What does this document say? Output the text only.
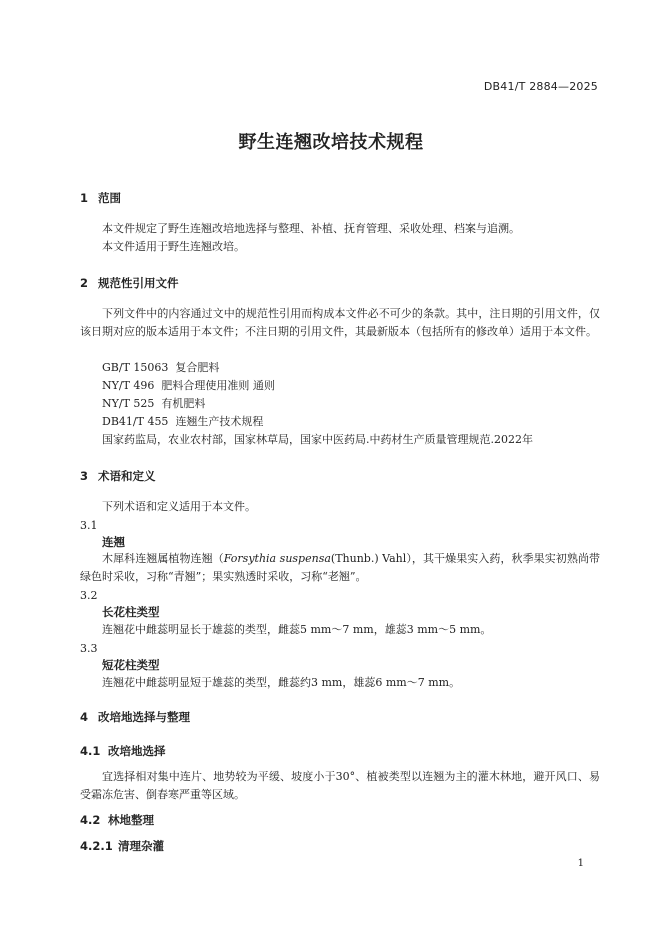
DB41/T 2884—2025
野生连翘改培技术规程
1 范围
本文件规定了野生连翘改培地选择与整理、补植、抚育管理、采收处理、档案与追溯。
本文件适用于野生连翘改培。
2 规范性引用文件
下列文件中的内容通过文中的规范性引用而构成本文件必不可少的条款。其中，注日期的引用文件，仅该日期对应的版本适用于本文件；不注日期的引用文件，其最新版本（包括所有的修改单）适用于本文件。
GB/T 15063 复合肥料
NY/T 496 肥料合理使用准则 通则
NY/T 525 有机肥料
DB41/T 455 连翘生产技术规程
国家药监局，农业农村部，国家林草局，国家中医药局.中药材生产质量管理规范.2022年
3 术语和定义
下列术语和定义适用于本文件。
3.1
连翘
木犀科连翘属植物连翘（Forsythia suspensa(Thunb.) Vahl），其干燥果实入药，秋季果实初熟尚带绿色时采收，习称“青翘”；果实熟透时采收，习称“老翘”。
3.2
长花柱类型
连翘花中雌蕊明显长于雄蕊的类型，雌蕊5 mm～7 mm，雄蕊3 mm～5 mm。
3.3
短花柱类型
连翘花中雌蕊明显短于雄蕊的类型，雌蕊约3 mm，雄蕊6 mm～7 mm。
4 改培地选择与整理
4.1 改培地选择
宜选择相对集中连片、地势较为平缓、坡度小于30°、植被类型以连翘为主的灌木林地，避开风口、易受霜冻危害、倒春寒严重等区域。
4.2 林地整理
4.2.1 清理杂灌
1
